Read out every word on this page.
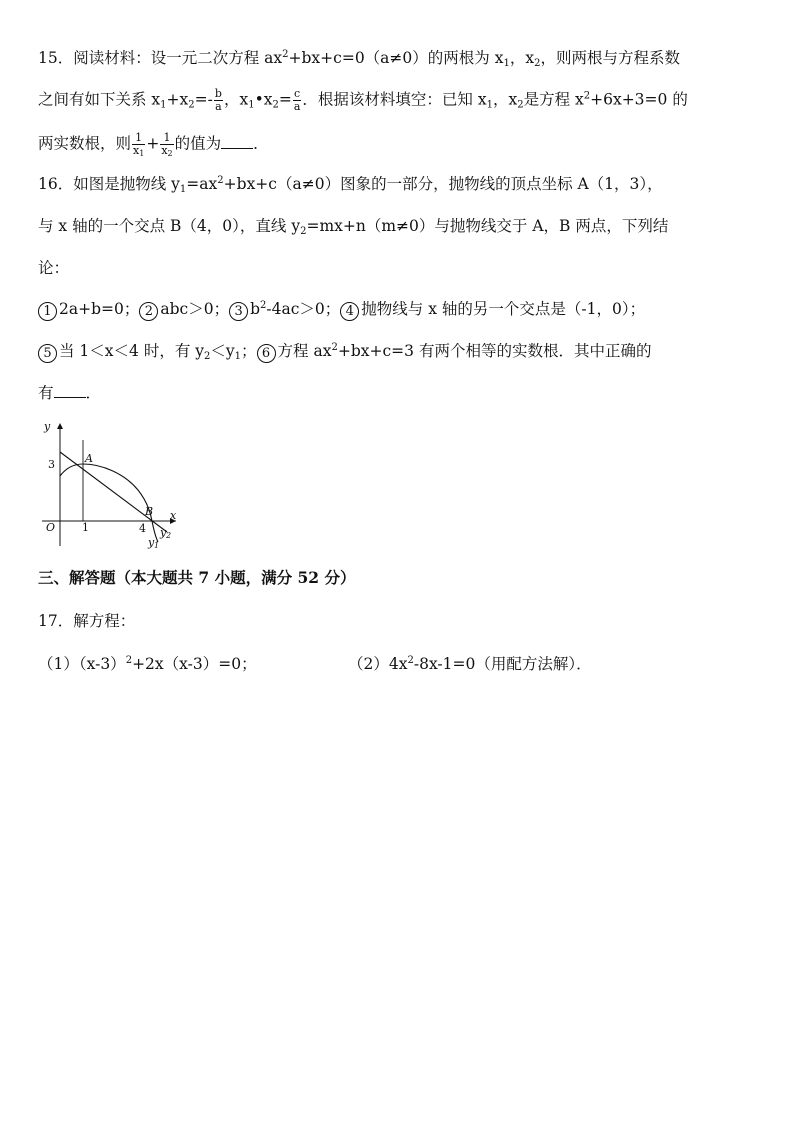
15．阅读材料：设一元二次方程 $ax^2+bx+c=0(a\ne 0)$的两根为 $x_1$，$x_2$，则两根与方程系数
之间有如下关系 $x_1+x_2=- \frac{b}{a}$ ，$x_1•x_2= \frac{c}{a}$ ．根据该材料填空：已知 $x_1$，$x_2$是方程 $x^2+6x+3=0$ 的
两实数根，则 $\frac{1}{x_1} + \frac{1}{x_2}$ 的值为 ．
16．如图是抛物线 $y_1=ax^2+bx+c(a\ne 0)$图象的一部分，抛物线的顶点坐标 A（1，3），
与 x 轴的一个交点 B（4，0），直线 $y_2=mx+n(m\ne 0)$与抛物线交于 A，B 两点，下列结
论：
1 2a+b=0； 2 abc＞0； 3 $b^2-4ac>0$； 4 抛物线与 x 轴的另一个交点是（-1，0）；
5 当 1＜x＜4 时，有 $y_2<y_1$； 6 方程 $ax^2+bx+c=3$ 有两个相等的实数根．其中正确的
有 ．
y
x
O
3
1	4
A
B
y 2
y 1
三、解答题（本大题共 7 小题，满分 52 分）
17．解方程：
$(1)(x-3)^2+2x(x-3)=0$；	$(2)4x^2-8x-1=0$（用配方法解）．
